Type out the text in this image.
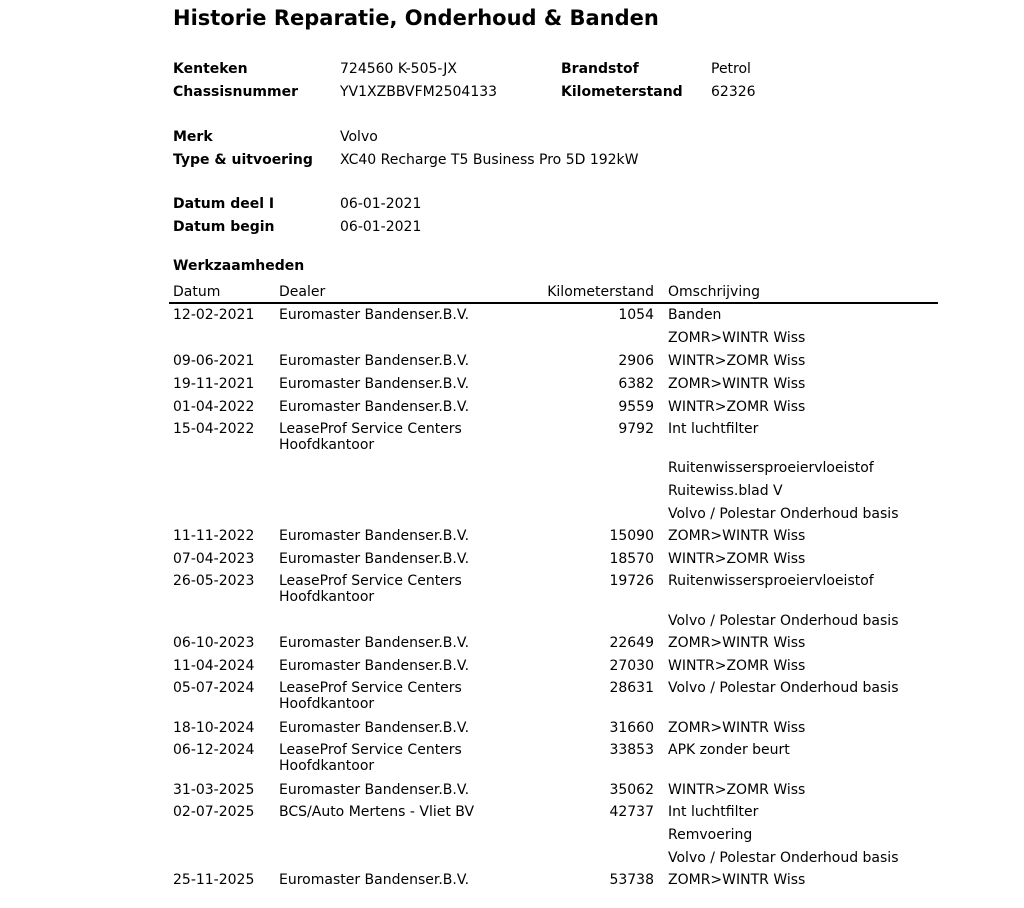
Historie Reparatie, Onderhoud & Banden
Kenteken	724560 K-505-JX	Brandstof	Petrol
Chassisnummer	YV1XZBBVFM2504133	Kilometerstand 62326
Merk	Volvo
Type & uitvoering XC40 Recharge T5 Business Pro 5D 192kW
Datum deel I	06-01-2021
Datum begin	06-01-2021
Werkzaamheden
Datum	Dealer	Kilometerstand Omschrijving
12-02-2021 Euromaster Bandenser.B.V.	1054 Banden
ZOMR>WINTR Wiss
09-06-2021 Euromaster Bandenser.B.V.	2906 WINTR>ZOMR Wiss
19-11-2021 Euromaster Bandenser.B.V.	6382 ZOMR>WINTR Wiss
01-04-2022 Euromaster Bandenser.B.V.	9559 WINTR>ZOMR Wiss
15-04-2022 LeaseProf Service Centers	9792 Int luchtfilter
Hoofdkantoor
Ruitenwissersproeiervloeistof
Ruitewiss.blad V
Volvo / Polestar Onderhoud basis
11-11-2022 Euromaster Bandenser.B.V.	15090 ZOMR>WINTR Wiss
07-04-2023 Euromaster Bandenser.B.V.	18570 WINTR>ZOMR Wiss
26-05-2023 LeaseProf Service Centers	19726 Ruitenwissersproeiervloeistof
Hoofdkantoor
Volvo / Polestar Onderhoud basis
06-10-2023 Euromaster Bandenser.B.V.	22649 ZOMR>WINTR Wiss
11-04-2024 Euromaster Bandenser.B.V.	27030 WINTR>ZOMR Wiss
05-07-2024 LeaseProf Service Centers	28631 Volvo / Polestar Onderhoud basis
Hoofdkantoor
18-10-2024 Euromaster Bandenser.B.V.	31660 ZOMR>WINTR Wiss
06-12-2024 LeaseProf Service Centers	33853 APK zonder beurt
Hoofdkantoor
31-03-2025 Euromaster Bandenser.B.V.	35062 WINTR>ZOMR Wiss
02-07-2025 BCS/Auto Mertens - Vliet BV	42737 Int luchtfilter
Remvoering
Volvo / Polestar Onderhoud basis
25-11-2025 Euromaster Bandenser.B.V.	53738 ZOMR>WINTR Wiss
